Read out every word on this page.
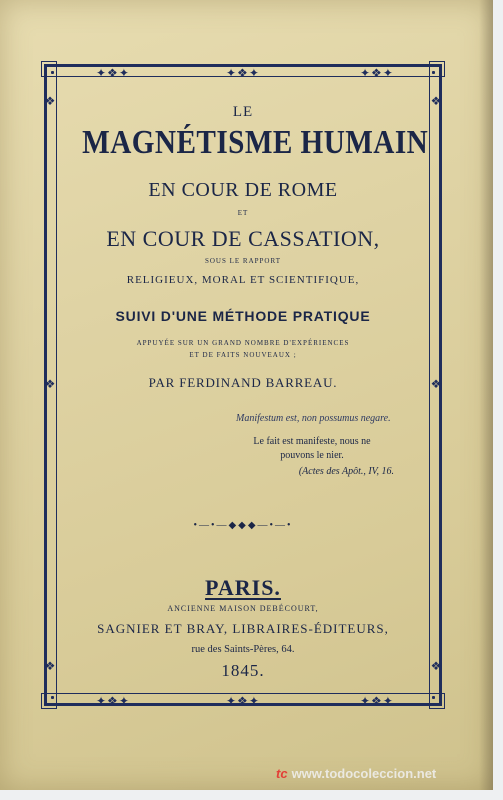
✦❖✦	✦❖✦	✦❖✦
✦❖✦	✦❖✦	✦❖✦
❖
❖
❖
❖
❖
❖
LE
MAGNÉTISME HUMAIN
EN COUR DE ROME
ET
EN COUR DE CASSATION,
SOUS LE RAPPORT
RELIGIEUX, MORAL ET SCIENTIFIQUE,
SUIVI D'UNE MÉTHODE PRATIQUE
APPUYÉE SUR UN GRAND NOMBRE D'EXPÉRIENCES
ET DE FAITS NOUVEAUX ;
PAR FERDINAND BARREAU.
Manifestum est, non possumus negare.
Le fait est manifeste, nous ne
pouvons le nier.
(Actes des Apôt., IV, 16.
•—•—◆◆◆—•—•
PARIS.
ANCIENNE MAISON DEBÉCOURT,
SAGNIER ET BRAY, LIBRAIRES-ÉDITEURS,
rue des Saints-Pères, 64.
1845.
tc www.todocoleccion.net
